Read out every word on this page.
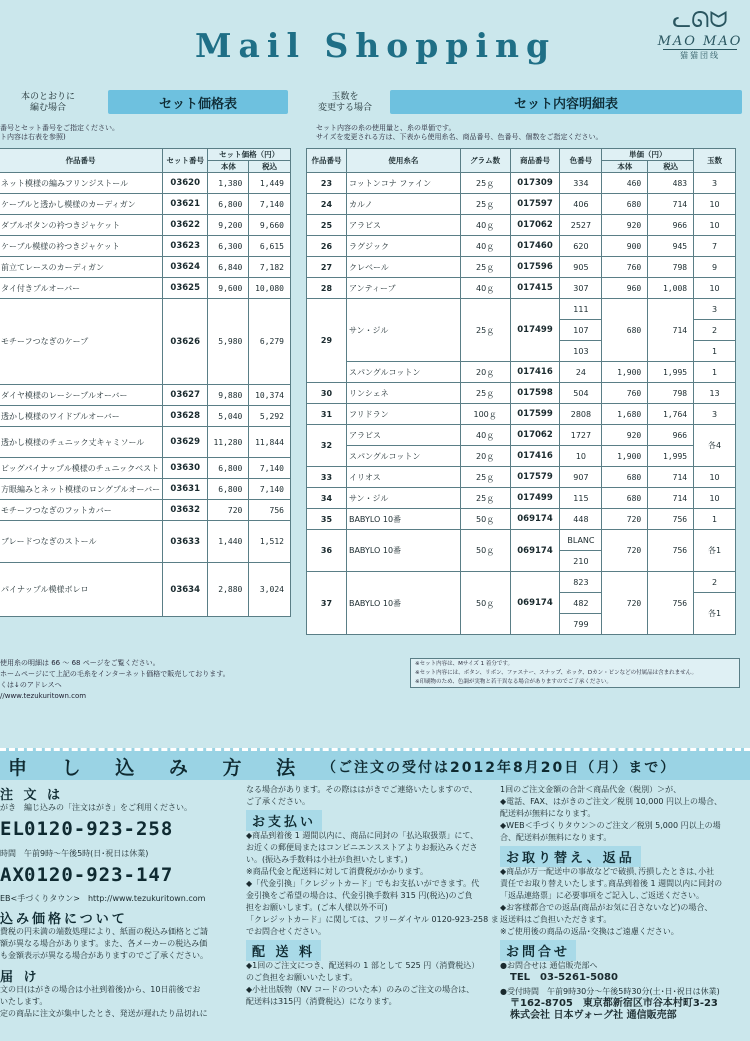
Mail Shopping
ᓚᘏᗢ
MAO MAO
猫猫団线
本のとおりに
編む場合	セット価格表
番号とセット番号をご指定ください。
ト内容は右表を参照)
作品番号	セット番号	セット価格（円）	
		本体	税込
ネット模様の編みフリンジストール	03620	1,380	1,449
ケーブルと透かし模様のカーディガン	03621	6,800	7,140
ダブルボタンの衿つきジャケット	03622	9,200	9,660
ケーブル模様の衿つきジャケット	03623	6,300	6,615
前立てレースのカーディガン	03624	6,840	7,182
タイ付きプルオーバー	03625	9,600	10,080
モチーフつなぎのケープ	03626	5,980	6,279
ダイヤ模様のレーシープルオーバー	03627	9,880	10,374
透かし模様のワイドプルオーバー	03628	5,040	5,292
透かし模様のチュニック丈キャミソール	03629	11,280	11,844
ビッグパイナップル模様のチュニックベスト	03630	6,800	7,140
方眼編みとネット模様のロングプルオーバー	03631	6,800	7,140
モチーフつなぎのフットカバー	03632	720	756
ブレードつなぎのストール	03633	1,440	1,512
パイナップル模様ボレロ	03634	2,880	3,024
使用糸の明細は 66 〜 68 ページをご覧ください。
ホームページにて上記の毛糸をインターネット価格で販売しております。
くは↓のアドレスへ
//www.tezukuritown.com
玉数を
変更する場合	セット内容明細表
セット内容の糸の使用量と、糸の単価です。
サイズを変更される方は、下表から使用糸名、商品番号、色番号、個数をご指定ください。
作品番号	使用糸名	グラム数	商品番号	色番号	単価（円）		玉数
					本体	税込	
23	コットンコナ ファイン	25ｇ	017309	334	460	483	3
24	カルノ	25ｇ	017597	406	680	714	10
25	アラビス	40ｇ	017062	2527	920	966	10
26	ラグジック	40ｇ	017460	620	900	945	7
27	クレベール	25ｇ	017596	905	760	798	9
28	アンティーブ	40ｇ	017415	307	960	1,008	10
29	サン・ジル	25ｇ	017499	111	680	714	3
				107			2
				103			1
	スパングルコットン	20ｇ	017416	24	1,900	1,995	1
30	リンシェネ	25ｇ	017598	504	760	798	13
31	フリドラン	100ｇ	017599	2808	1,680	1,764	3
32	アラビス	40ｇ	017062	1727	920	966	各4
	スパングルコットン	20ｇ	017416	10	1,900	1,995	
33	イリオス	25ｇ	017579	907	680	714	10
34	サン・ジル	25ｇ	017499	115	680	714	10
35	BABYLO 10番	50ｇ	069174	448	720	756	1
36	BABYLO 10番	50ｇ	069174	BLANC	720	756	各1
				210			
37	BABYLO 10番	50ｇ	069174	823	720	756	2
				482			各1
				799			
※セット内容は、Mサイズ 1 着分です。
※セット内容には、ボタン、リボン、ファスナー、スナップ、ホック、Dカン・ピンなどの付属品は含まれません。
※印刷物のため、色調が実物と若干異なる場合がありますのでご了承ください。
申 し 込 み 方 法 （ご注文の受付は2012年8月20日（月）まで）
注 文 は
がき　編じ込みの「注文はがき」をご利用ください。
EL 0120-923-258
時間　午前9時〜午後5時(日･祝日は休業)
AX 0120-923-147
EB<手づくりタウン>　http://www.tezukuritown.com
込み価格について
費税の円未満の端数処理により、紙面の税込み価格とご請
額が異なる場合があります。また、各メーカーの税込み価
も金額表示が異なる場合がありますのでご了承ください。
届 け
文の日(はがきの場合は小社到着後)から、10日前後でお
いたします。
定の商品に注文が集中したとき、発送が遅れたり品切れに
なる場合があります。その際ははがきでご連絡いたしますので、
ご了承ください。
お支払い
◆商品到着後 1 週間以内に、商品に同封の「払込取扱票」にて、
お近くの郵便局またはコンビニエンスストアよりお振込みくださ
い。(振込み手数料は小社が負担いたします。)
※商品代金と配送料に対して消費税がかかります。
◆「代金引換」「クレジットカード」でもお支払いができます。代
金引換をご希望の場合は、代金引換手数料 315 円(税込)のご負
担をお願いします。(ご本人様以外不可)
「クレジットカード」に関しては、フリーダイヤル 0120-923-258 ま
でお問合せください。
配 送 料
◆1回のご注文につき、配送料の 1 部として 525 円（消費税込）
のご負担をお願いいたします。
◆小社出版物（NV コードのついた本）のみのご注文の場合は、
配送料は315円（消費税込）になります。
1回のご注文金額の合計＜商品代金（税別）＞が、
◆電話、FAX、はがきのご注文／税別 10,000 円以上の場合、
配送料が無料になります。
◆WEB＜手づくりタウン＞のご注文／税別 5,000 円以上の場
合、配送料が無料になります。
お取り替え、返品
◆商品が万一配送中の事故などで破損､汚損したときは､小社
責任でお取り替えいたします｡商品到着後 1 週間以内に同封の
「返品連絡票」に必要事項をご記入し､ご返送ください｡
◆お客様都合での返品(商品がお気に召さないなど)の場合、
返送料はご負担いただきます。
※ご使用後の商品の返品･交換はご遠慮ください。
お問合せ
●お問合せは 通信販売部へ
TEL　03-5261-5080
●受付時間　午前9時30分〜午後5時30分(土･日･祝日は休業)
〒162-8705　東京都新宿区市谷本村町3-23
株式会社 日本ヴォーグ社 通信販売部
